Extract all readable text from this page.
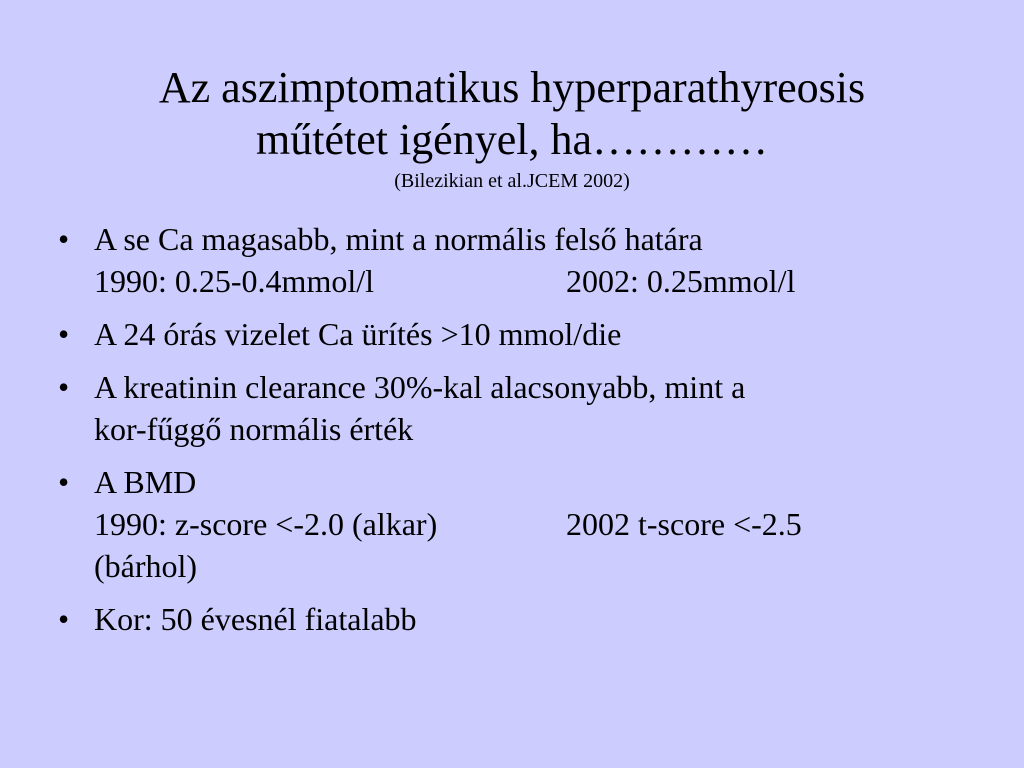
Az aszimptomatikus hyperparathyreosis
műtétet igényel, ha…………
(Bilezikian et al.JCEM 2002)
• A se Ca magasabb, mint a normális felső határa
1990: 0.25-0.4mmol/l	2002: 0.25mmol/l
• A 24 órás vizelet Ca ürítés >10 mmol/die
• A kreatinin clearance 30%-kal alacsonyabb, mint a
kor-fűggő normális érték
• A BMD
1990: z-score <-2.0 (alkar)	2002 t-score <-2.5
(bárhol)
• Kor: 50 évesnél fiatalabb
